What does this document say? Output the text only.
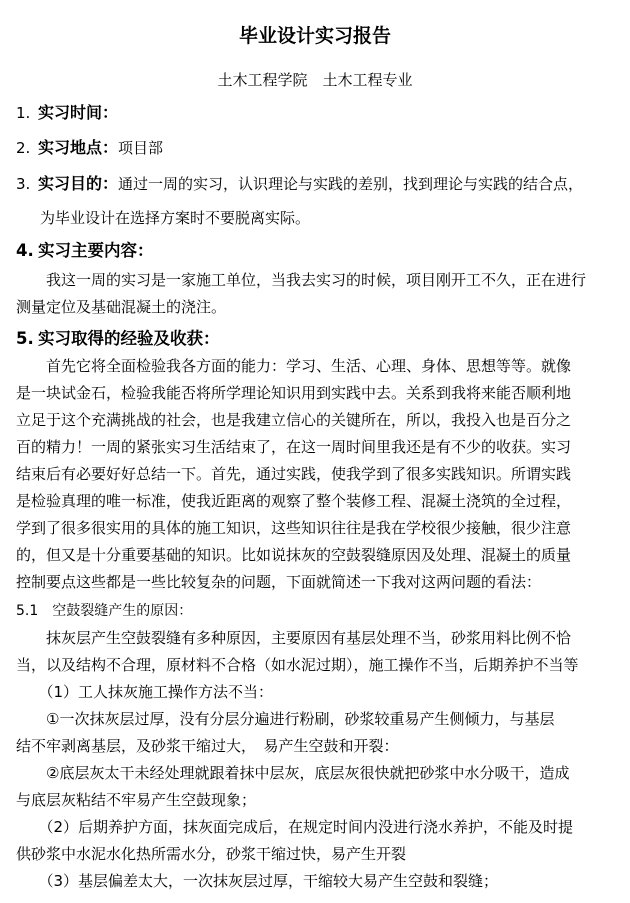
毕业设计实习报告
土木工程学院　土木工程专业
1. 实习时间：
2. 实习地点：项目部
3. 实习目的：通过一周的实习，认识理论与实践的差别，找到理论与实践的结合点，
为毕业设计在选择方案时不要脱离实际。
4. 实习主要内容：
　　我这一周的实习是一家施工单位，当我去实习的时候，项目刚开工不久，正在进行
测量定位及基础混凝土的浇注。
5. 实习取得的经验及收获：
　　首先它将全面检验我各方面的能力：学习、生活、心理、身体、思想等等。就像
是一块试金石，检验我能否将所学理论知识用到实践中去。关系到我将来能否顺利地
立足于这个充满挑战的社会，也是我建立信心的关键所在，所以，我投入也是百分之
百的精力！一周的紧张实习生活结束了，在这一周时间里我还是有不少的收获。实习
结束后有必要好好总结一下。首先，通过实践，使我学到了很多实践知识。所谓实践
是检验真理的唯一标准，使我近距离的观察了整个装修工程、混凝土浇筑的全过程，
学到了很多很实用的具体的施工知识，这些知识往往是我在学校很少接触，很少注意
的，但又是十分重要基础的知识。比如说抹灰的空鼓裂缝原因及处理、混凝土的质量
控制要点这些都是一些比较复杂的问题，下面就简述一下我对这两问题的看法：
5.1　空鼓裂缝产生的原因：
　　抹灰层产生空鼓裂缝有多种原因，主要原因有基层处理不当，砂浆用料比例不恰
当，以及结构不合理，原材料不合格（如水泥过期），施工操作不当，后期养护不当等
　　（1）工人抹灰施工操作方法不当：
　　①一次抹灰层过厚，没有分层分遍进行粉刷，砂浆较重易产生侧倾力，与基层
结不牢剥离基层，及砂浆干缩过大，　易产生空鼓和开裂：
　　②底层灰太干未经处理就跟着抹中层灰，底层灰很快就把砂浆中水分吸干，造成
与底层灰粘结不牢易产生空鼓现象；
　　（2）后期养护方面，抹灰面完成后，在规定时间内没进行浇水养护，不能及时提
供砂浆中水泥水化热所需水分，砂浆干缩过快，易产生开裂
　　（3）基层偏差太大，一次抹灰层过厚，干缩较大易产生空鼓和裂缝；
